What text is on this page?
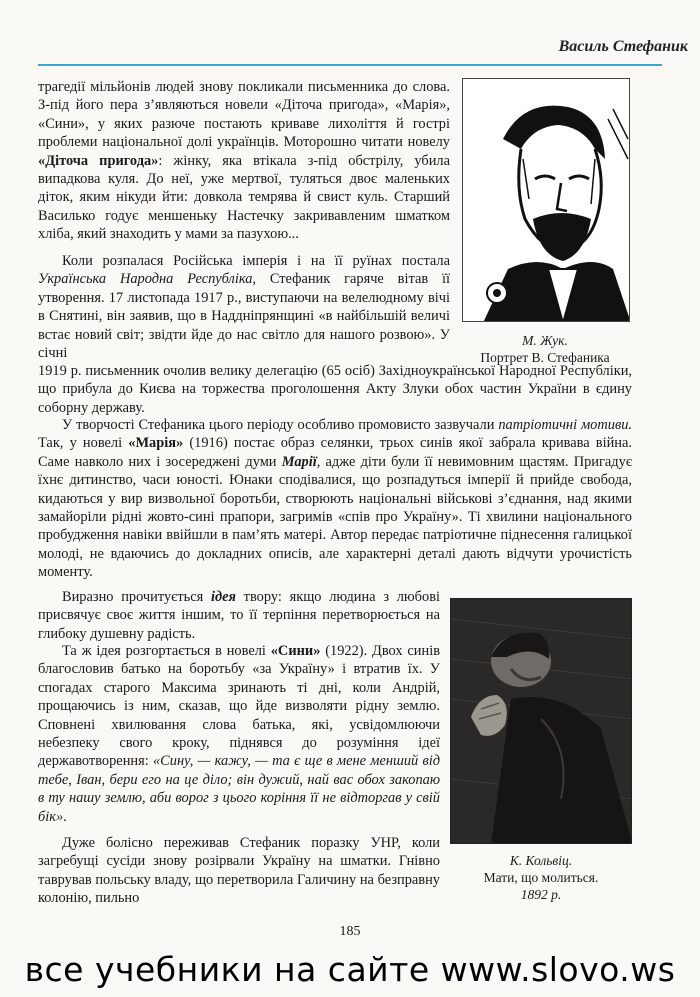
Василь Стефаник

трагедії мільйонів людей знову покликали письменника до слова. З-під його пера з’являються новели «Діточа пригода», «Марія», «Сини», у яких разюче постають криваве лихоліття й гострі проблеми національної долі українців. Моторошно читати новелу «Діточа пригода»: жінку, яка втікала з-під обстрілу, убила випадкова куля. До неї, уже мертвої, туляться двоє маленьких діток, яким нікуди йти: довкола темрява й свист куль. Старший Василько годує меншеньку Настечку закривавленим шматком хліба, який знаходить у мами за пазухою...

Коли розпалася Російська імперія і на її руїнах постала Українська Народна Республіка, Стефаник гаряче вітав її утворення. 17 листопада 1917 р., виступаючи на велелюдному вічі в Снятині, він заявив, що в Наддніпрянщині «в найбільшій величі встає новий світ; звідти йде до нас світло для нашого розвою». У січні

1919 р. письменник очолив велику делегацію (65 осіб) Західноукраїнської Народної Республіки, що прибула до Києва на торжества проголошення Акту Злуки обох частин України в єдину соборну державу.

М. Жук.
Портрет В. Стефаника

У творчості Стефаника цього періоду особливо промовисто зазвучали патріотичні мотиви. Так, у новелі «Марія» (1916) постає образ селянки, трьох синів якої забрала кривава війна. Саме навколо них і зосереджені думи Марії, адже діти були її невимовним щастям. Пригадує їхнє дитинство, часи юності. Юнаки сподівалися, що розпадуться імперії й прийде свобода, кидаються у вир визвольної боротьби, створюють національні військові з’єднання, над якими замайоріли рідні жовто-сині прапори, загримів «спів про Україну». Ті хвилини національного пробудження навіки ввійшли в пам’ять матері. Автор передає патріотичне піднесення галицької молоді, не вдаючись до докладних описів, але характерні деталі дають відчути урочистість моменту.

Виразно прочитується ідея твору: якщо людина з любові присвячує своє життя іншим, то її терпіння перетворюється на глибоку душевну радість.

Та ж ідея розгортається в новелі «Сини» (1922). Двох синів благословив батько на боротьбу «за Україну» і втратив їх. У спогадах старого Максима зринають ті дні, коли Андрій, прощаючись із ним, сказав, що йде визволяти рідну землю. Сповнені хвилювання слова батька, які, усвідомлюючи небезпеку свого кроку, піднявся до розуміння ідеї державотворення: «Сину, — кажу, — та є ще в мене менший від тебе, Іван, бери его на це діло; він дужий, най вас обох закопаю в ту нашу землю, аби ворог з цього коріння її не відторгав у свій бік».

Дуже болісно переживав Стефаник поразку УНР, коли загребущі сусіди знову розірвали Україну на шматки. Гнівно таврував польську владу, що перетворила Галичину на безправну колонію, пильно

К. Кольвіц.
Мати, що молиться.
1892 р.
185
все учебники на сайте www.slovo.ws
